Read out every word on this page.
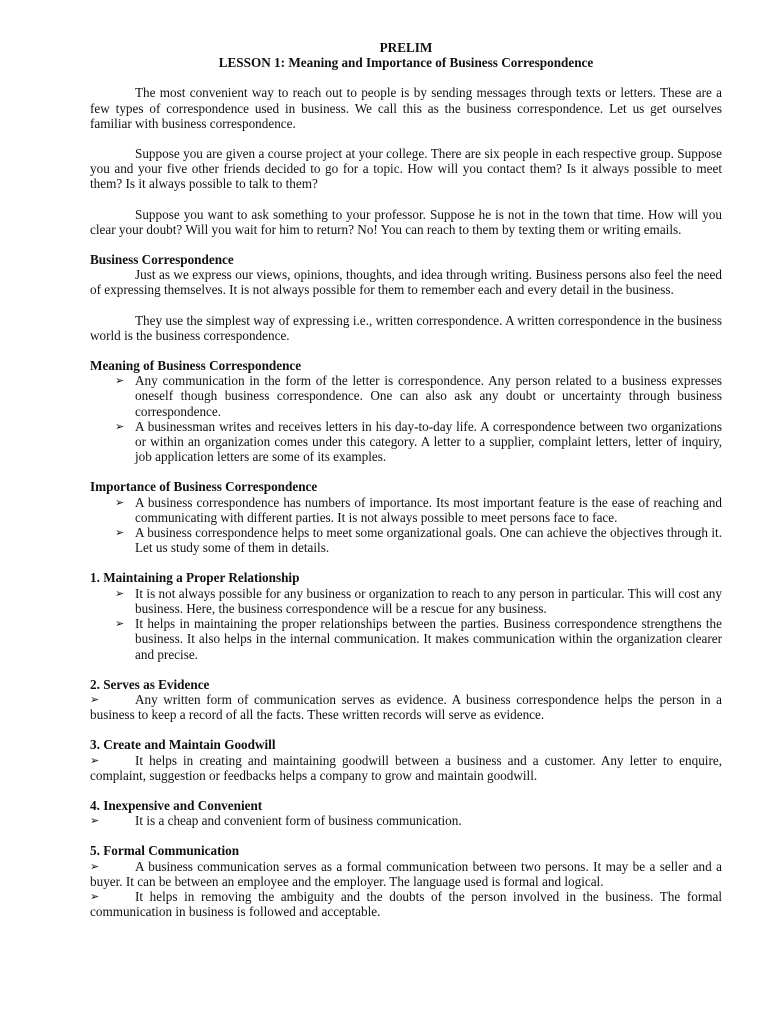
PRELIM

LESSON 1: Meaning and Importance of Business Correspondence

The most convenient way to reach out to people is by sending messages through texts or letters. These are a few types of correspondence used in business. We call this as the business correspondence. Let us get ourselves familiar with business correspondence.

Suppose you are given a course project at your college. There are six people in each respective group. Suppose you and your five other friends decided to go for a topic. How will you contact them? Is it always possible to meet them? Is it always possible to talk to them?

Suppose you want to ask something to your professor. Suppose he is not in the town that time. How will you clear your doubt? Will you wait for him to return? No! You can reach to them by texting them or writing emails.

Business Correspondence

Just as we express our views, opinions, thoughts, and idea through writing. Business persons also feel the need of expressing themselves. It is not always possible for them to remember each and every detail in the business.

They use the simplest way of expressing i.e., written correspondence. A written correspondence in the business world is the business correspondence.

Meaning of Business Correspondence

➢ Any communication in the form of the letter is correspondence. Any person related to a business expresses oneself though business correspondence. One can also ask any doubt or uncertainty through business correspondence.
➢ A businessman writes and receives letters in his day-to-day life. A correspondence between two organizations or within an organization comes under this category. A letter to a supplier, complaint letters, letter of inquiry, job application letters are some of its examples.

Importance of Business Correspondence

➢ A business correspondence has numbers of importance. Its most important feature is the ease of reaching and communicating with different parties. It is not always possible to meet persons face to face.
➢ A business correspondence helps to meet some organizational goals. One can achieve the objectives through it. Let us study some of them in details.

1. Maintaining a Proper Relationship

➢ It is not always possible for any business or organization to reach to any person in particular. This will cost any business. Here, the business correspondence will be a rescue for any business.
➢ It helps in maintaining the proper relationships between the parties. Business correspondence strengthens the business. It also helps in the internal communication. It makes communication within the organization clearer and precise.

2. Serves as Evidence

➢	Any written form of communication serves as evidence. A business correspondence helps the person in a business to keep a record of all the facts. These written records will serve as evidence.

3. Create and Maintain Goodwill

➢	It helps in creating and maintaining goodwill between a business and a customer. Any letter to enquire, complaint, suggestion or feedbacks helps a company to grow and maintain goodwill.

4. Inexpensive and Convenient

➢	It is a cheap and convenient form of business communication.

5. Formal Communication

➢	A business communication serves as a formal communication between two persons. It may be a seller and a buyer. It can be between an employee and the employer. The language used is formal and logical.

➢	It helps in removing the ambiguity and the doubts of the person involved in the business. The formal communication in business is followed and acceptable.
